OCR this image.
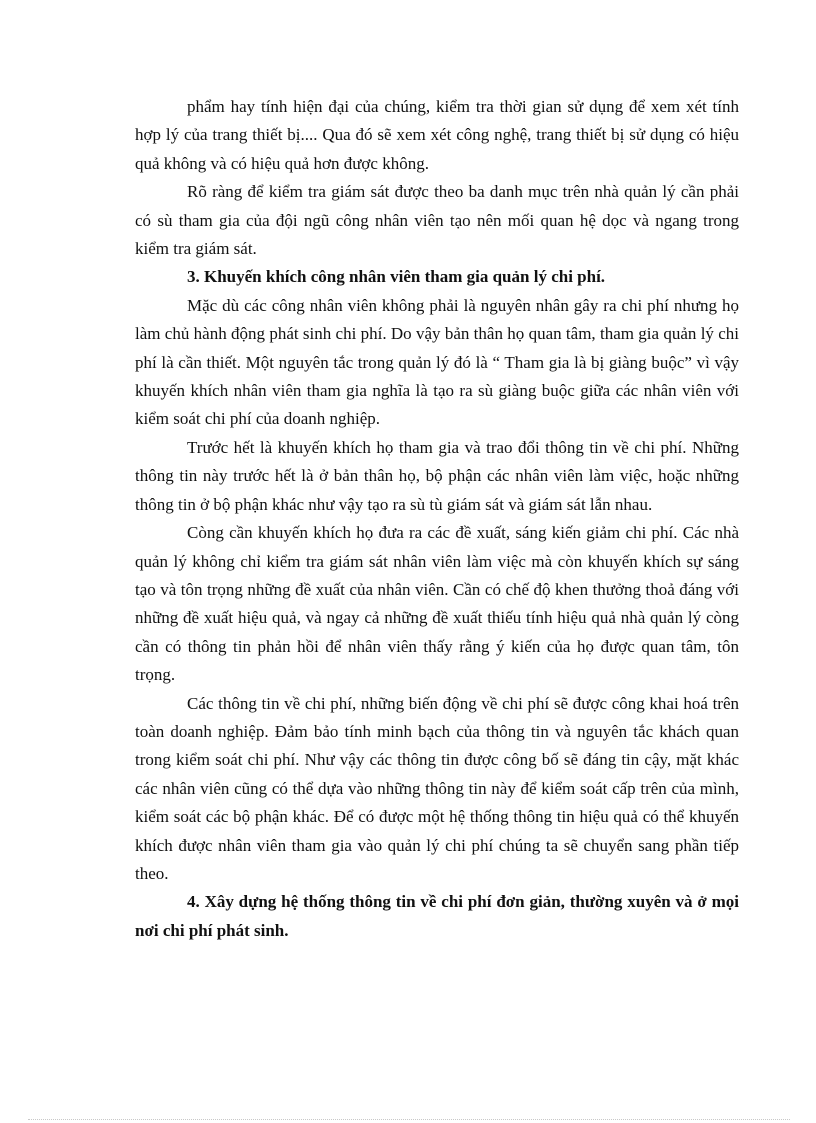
phẩm hay tính hiện đại của chúng, kiểm tra thời gian sử dụng để xem xét tính hợp lý của trang thiết bị.... Qua đó sẽ xem xét công nghệ, trang thiết bị sử dụng có hiệu quả không và có hiệu quả hơn được không.

Rõ ràng để kiểm tra giám sát được theo ba danh mục trên nhà quản lý cần phải có sù tham gia của đội ngũ công nhân viên tạo nên mối quan hệ dọc và ngang trong kiểm tra giám sát.

3. Khuyến khích công nhân viên tham gia quản lý chi phí.

Mặc dù các công nhân viên không phải là nguyên nhân gây ra chi phí nhưng họ làm chủ hành động phát sinh chi phí. Do vậy bản thân họ quan tâm, tham gia quản lý chi phí là cần thiết. Một nguyên tắc trong quản lý đó là “ Tham gia là bị giàng buộc” vì vậy khuyến khích nhân viên tham gia nghĩa là tạo ra sù giàng buộc giữa các nhân viên với kiểm soát chi phí của doanh nghiệp.

Trước hết là khuyến khích họ tham gia và trao đổi thông tin về chi phí. Những thông tin này trước hết là ở bản thân họ, bộ phận các nhân viên làm việc, hoặc những thông tin ở bộ phận khác như vậy tạo ra sù tù giám sát và giám sát lẫn nhau.

Còng cần khuyến khích họ đưa ra các đề xuất, sáng kiến giảm chi phí. Các nhà quản lý không chỉ kiểm tra giám sát nhân viên làm việc mà còn khuyến khích sự sáng tạo và tôn trọng những đề xuất của nhân viên. Cần có chế độ khen thưởng thoả đáng với những đề xuất hiệu quả, và ngay cả những đề xuất thiếu tính hiệu quả nhà quản lý còng cần có thông tin phản hồi để nhân viên thấy rằng ý kiến của họ được quan tâm, tôn trọng.

Các thông tin về chi phí, những biến động về chi phí sẽ được công khai hoá trên toàn doanh nghiệp. Đảm bảo tính minh bạch của thông tin và nguyên tắc khách quan trong kiểm soát chi phí. Như vậy các thông tin được công bố sẽ đáng tin cậy, mặt khác các nhân viên cũng có thể dựa vào những thông tin này để kiểm soát cấp trên của mình, kiểm soát các bộ phận khác. Để có được một hệ thống thông tin hiệu quả có thể khuyến khích được nhân viên tham gia vào quản lý chi phí chúng ta sẽ chuyển sang phần tiếp theo.

4. Xây dựng hệ thống thông tin về chi phí đơn giản, thường xuyên và ở mọi nơi chi phí phát sinh.
